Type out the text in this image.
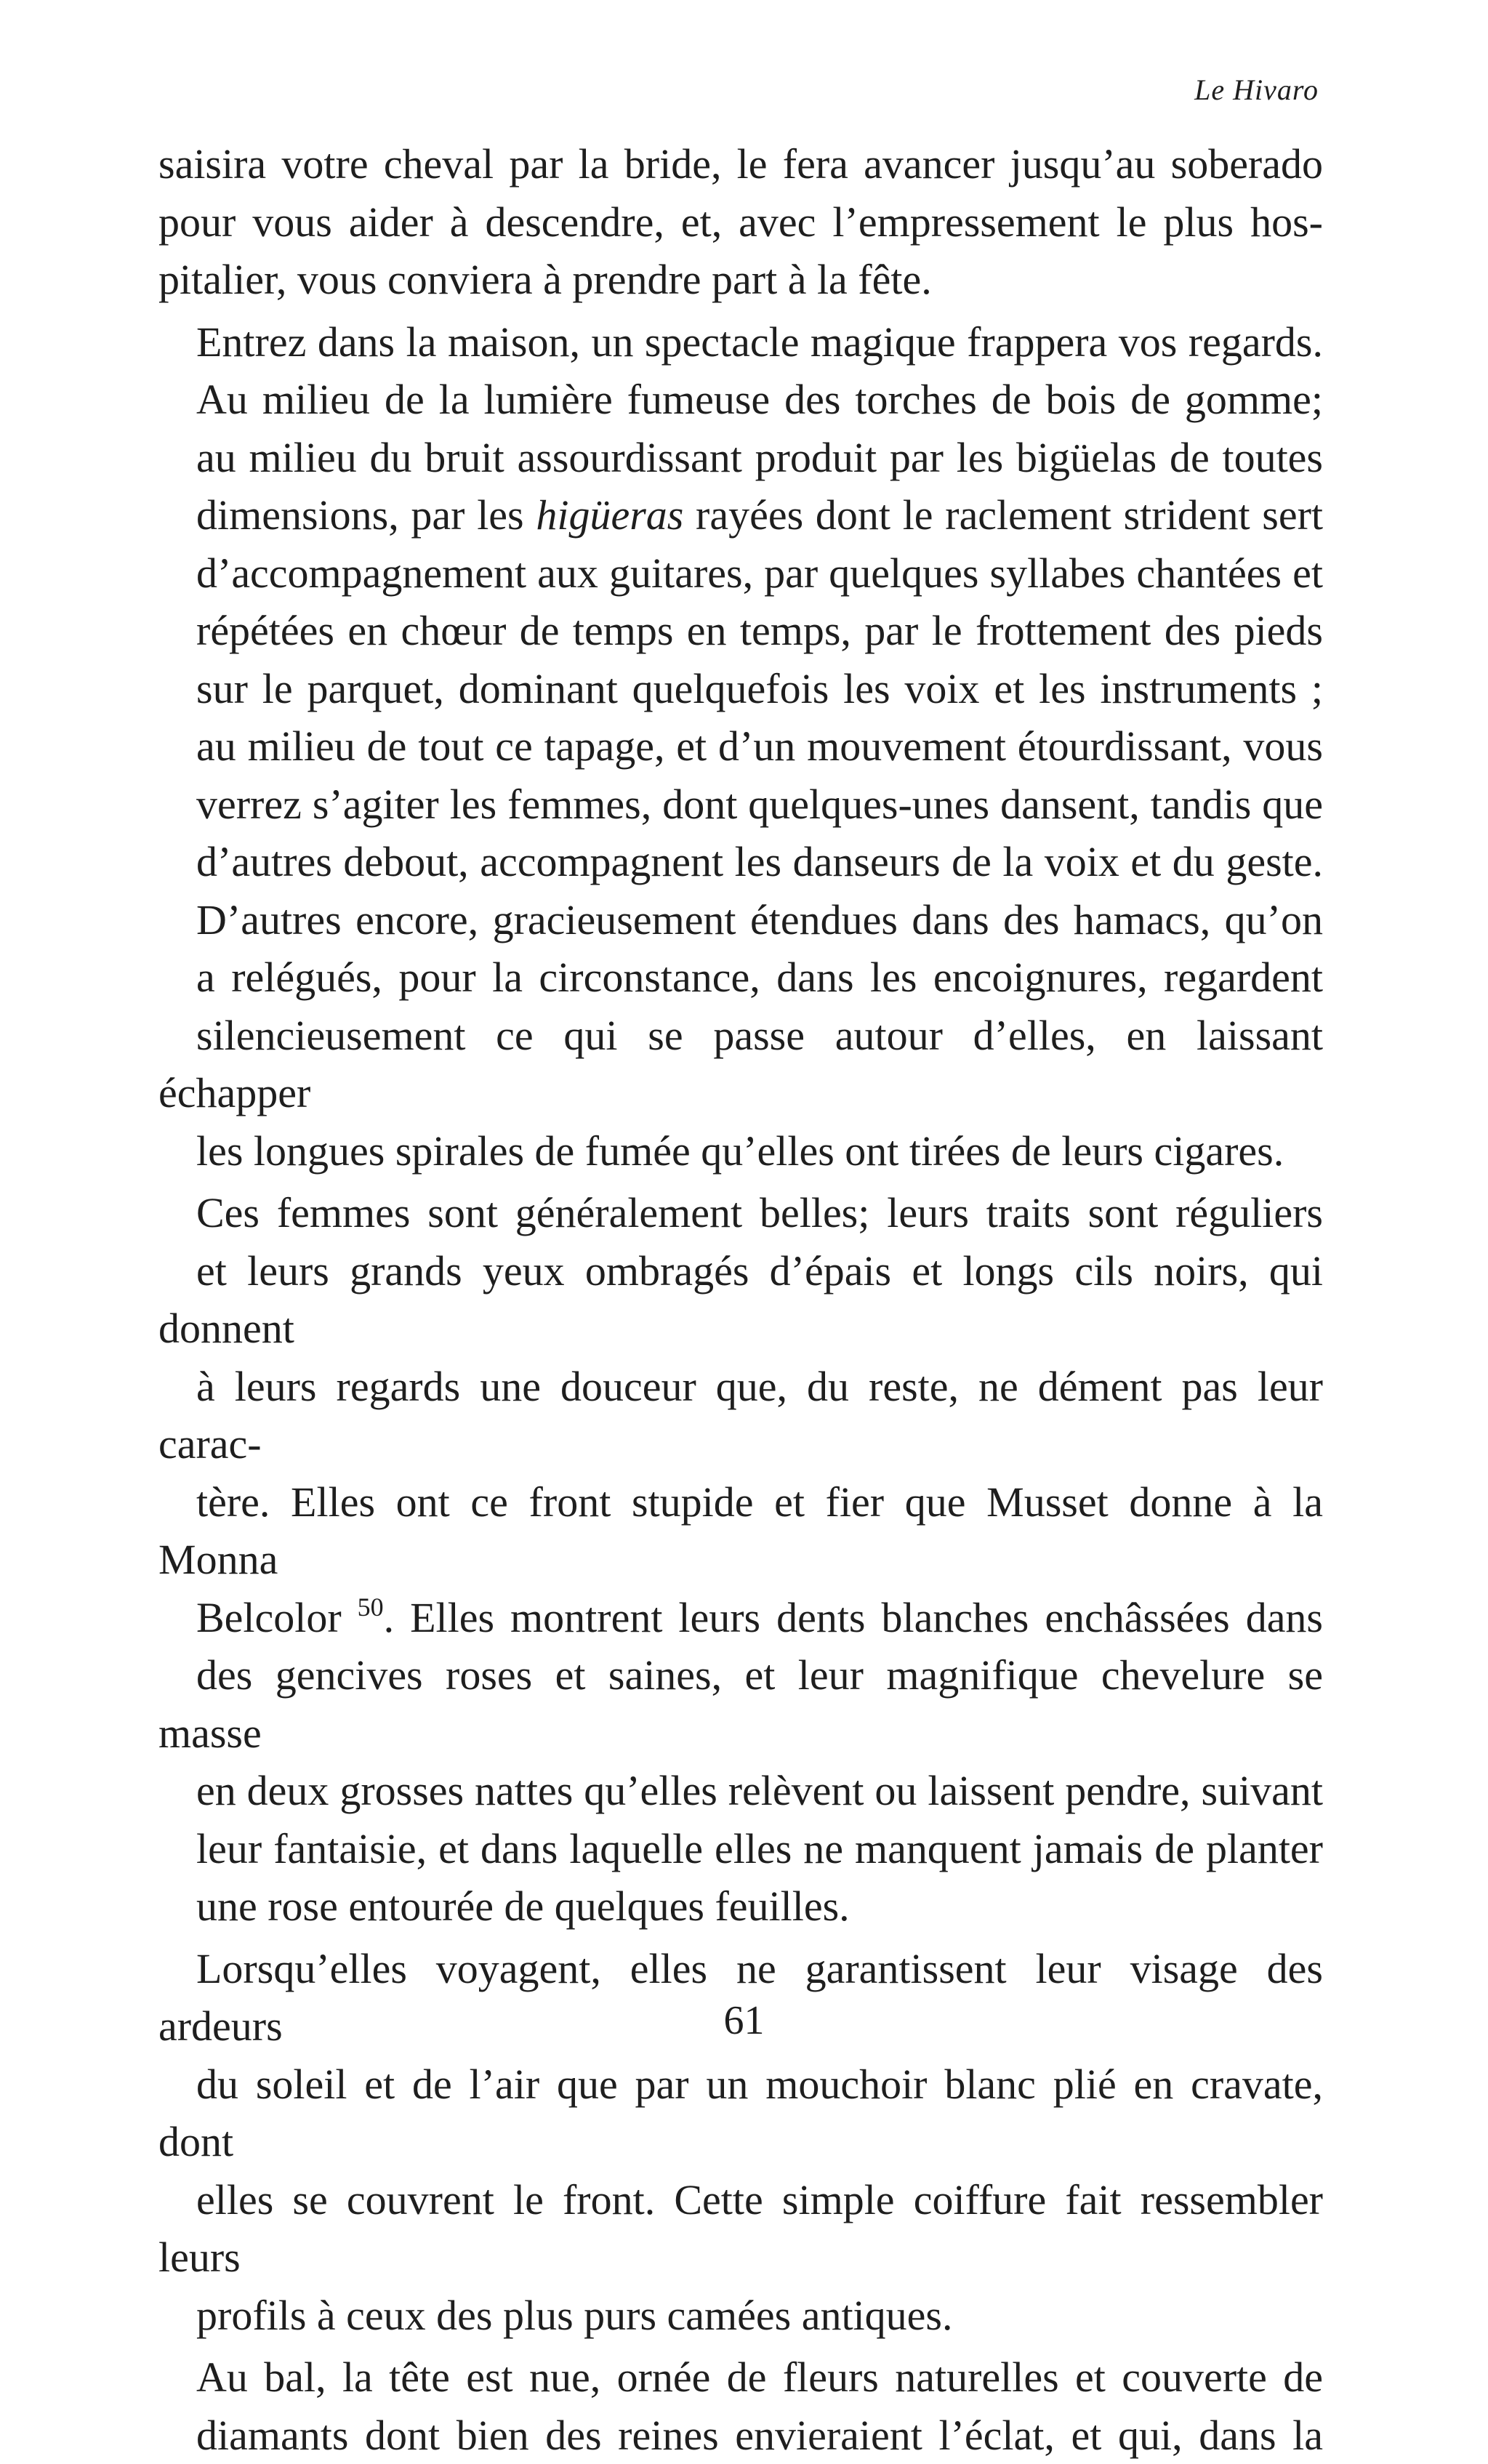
Le Hivaro

saisira votre cheval par la bride, le fera avancer jusqu’au soberado
pour vous aider à descendre, et, avec l’empressement le plus hos-
pitalier, vous conviera à prendre part à la fête.

Entrez dans la maison, un spectacle magique frappera vos regards.
Au milieu de la lumière fumeuse des torches de bois de gomme;
au milieu du bruit assourdissant produit par les bigüelas de toutes
dimensions, par les higüeras rayées dont le raclement strident sert
d’accompagnement aux guitares, par quelques syllabes chantées et
répétées en chœur de temps en temps, par le frottement des pieds
sur le parquet, dominant quelquefois les voix et les instruments ;
au milieu de tout ce tapage, et d’un mouvement étourdissant, vous
verrez s’agiter les femmes, dont quelques-unes dansent, tandis que
d’autres debout, accompagnent les danseurs de la voix et du geste.
D’autres encore, gracieusement étendues dans des hamacs, qu’on
a relégués, pour la circonstance, dans les encoignures, regardent
silencieusement ce qui se passe autour d’elles, en laissant échapper
les longues spirales de fumée qu’elles ont tirées de leurs cigares.

Ces femmes sont généralement belles; leurs traits sont réguliers
et leurs grands yeux ombragés d’épais et longs cils noirs, qui donnent
à leurs regards une douceur que, du reste, ne dément pas leur carac-
tère. Elles ont ce front stupide et fier que Musset donne à la Monna
Belcolor $^{50}$. Elles montrent leurs dents blanches enchâssées dans
des gencives roses et saines, et leur magnifique chevelure se masse
en deux grosses nattes qu’elles relèvent ou laissent pendre, suivant
leur fantaisie, et dans laquelle elles ne manquent jamais de planter
une rose entourée de quelques feuilles.

Lorsqu’elles voyagent, elles ne garantissent leur visage des ardeurs
du soleil et de l’air que par un mouchoir blanc plié en cravate, dont
elles se couvrent le front. Cette simple coiffure fait ressembler leurs
profils à ceux des plus purs camées antiques.

Au bal, la tête est nue, ornée de fleurs naturelles et couverte de
diamants dont bien des reines envieraient l’éclat, et qui, dans la

61
